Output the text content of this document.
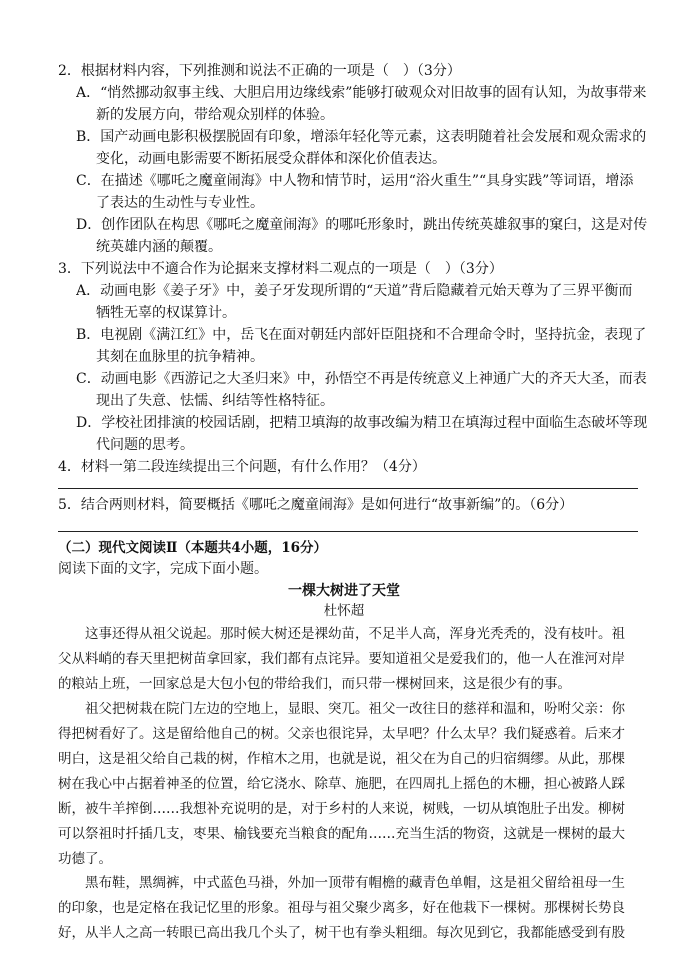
2．根据材料内容，下列推测和说法不正确的一项是（　）（3分）
A．“悄然挪动叙事主线、大胆启用边缘线索”能够打破观众对旧故事的固有认知，为故事带来
新的发展方向，带给观众别样的体验。
B．国产动画电影积极摆脱固有印象，增添年轻化等元素，这表明随着社会发展和观众需求的
变化，动画电影需要不断拓展受众群体和深化价值表达。
C．在描述《哪吒之魔童闹海》中人物和情节时，运用“浴火重生”“具身实践”等词语，增添
了表达的生动性与专业性。
D．创作团队在构思《哪吒之魔童闹海》的哪吒形象时，跳出传统英雄叙事的窠臼，这是对传
统英雄内涵的颠覆。
3．下列说法中不適合作为论据来支撑材料二观点的一项是（　）（3分）
A．动画电影《姜子牙》中，姜子牙发现所谓的“天道”背后隐藏着元始天尊为了三界平衡而
牺牲无辜的权谋算计。
B．电视剧《满江红》中，岳飞在面对朝廷内部奸臣阻挠和不合理命令时，坚持抗金，表现了
其刻在血脉里的抗争精神。
C．动画电影《西游记之大圣归来》中，孙悟空不再是传统意义上神通广大的齐天大圣，而表
现出了失意、怯懦、纠结等性格特征。
D．学校社团排演的校园话剧，把精卫填海的故事改编为精卫在填海过程中面临生态破坏等现
代问题的思考。
4．材料一第二段连续提出三个问题，有什么作用？（4分）
5．结合两则材料，简要概括《哪吒之魔童闹海》是如何进行“故事新编”的。（6分）
（二）现代文阅读Ⅱ（本题共4小题，16分）
阅读下面的文字，完成下面小题。
一棵大树进了天堂
杜怀超
　　这事还得从祖父说起。那时候大树还是裸幼苗，不足半人高，浑身光秃秃的，没有枝叶。祖
父从料峭的春天里把树苗拿回家，我们都有点诧异。要知道祖父是爱我们的，他一人在淮河对岸
的粮站上班，一回家总是大包小包的带给我们，而只带一棵树回来，这是很少有的事。
　　祖父把树栽在院门左边的空地上，显眼、突兀。祖父一改往日的慈祥和温和，吩咐父亲：你
得把树看好了。这是留给他自己的树。父亲也很诧异，太早吧？什么太早？我们疑惑着。后来才
明白，这是祖父给自己栽的树，作棺木之用，也就是说，祖父在为自己的归宿绸缪。从此，那棵
树在我心中占据着神圣的位置，给它浇水、除草、施肥，在四周扎上摇色的木栅，担心被路人踩
断，被牛羊搾倒……我想补充说明的是，对于乡村的人来说，树贱，一切从填饱肚子出发。柳树
可以祭祖时扦插几支，枣果、榆钱要充当粮食的配角……充当生活的物资，这就是一棵树的最大
功德了。
　　黑布鞋，黑绸裤，中式蓝色马褂，外加一顶带有帽檐的藏青色单帽，这是祖父留给祖母一生
的印象，也是定格在我记忆里的形象。祖母与祖父聚少离多，好在他栽下一棵树。那棵树长势良
好，从半人之高一转眼已高出我几个头了，树干也有拳头粗细。每次见到它，我都能感受到有股
